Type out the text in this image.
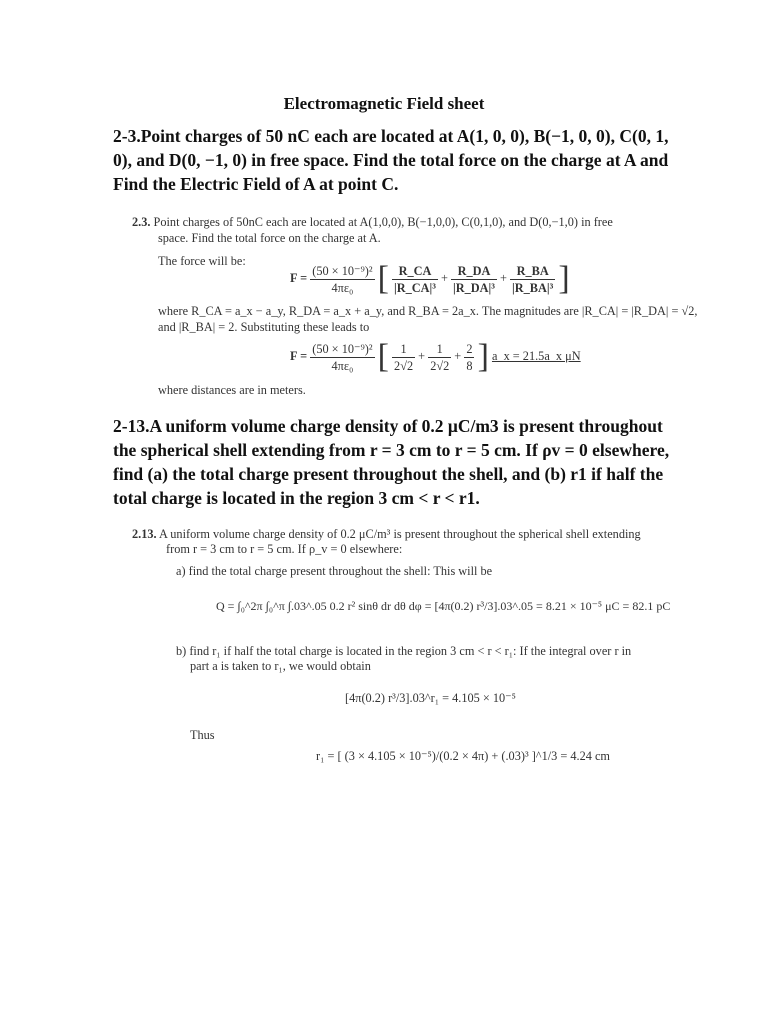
Electromagnetic Field sheet
2-3.Point charges of 50 nC each are located at A(1, 0, 0), B(−1, 0, 0), C(0, 1, 0), and D(0, −1, 0) in free space. Find the total force on the charge at A and Find the Electric Field of A at point C.
2.3. Point charges of 50nC each are located at A(1,0,0), B(−1,0,0), C(0,1,0), and D(0,−1,0) in free
space. Find the total force on the charge at A.
The force will be:
$F = \frac{\text{(50 × 10⁻⁹)²}}{\text{4πε₀}}$ [ $\frac{R\_CA}{\text{|R\_CA|³}} + \frac{R\_DA}{\text{|R\_DA|³}} + \frac{R\_BA}{\text{|R\_BA|³}}$ ]
where R_CA = a_x − a_y, R_DA = a_x + a_y, and R_BA = 2a_x. The magnitudes are |R_CA| = |R_DA| = √2,
and |R_BA| = 2. Substituting these leads to
$F = \frac{\text{(50 × 10⁻⁹)²}}{\text{4πε₀}}$ [ $\frac{1}{2√2} + \frac{1}{2√2} + \frac{2}{8}$ ] a_x = 21.5a_x μN
where distances are in meters.
2-13.A uniform volume charge density of 0.2 μC/m3 is present throughout the spherical shell extending from r = 3 cm to r = 5 cm. If ρv = 0 elsewhere, find (a) the total charge present throughout the shell, and (b) r1 if half the total charge is located in the region 3 cm < r < r1.
2.13. A uniform volume charge density of 0.2 μC/m³ is present throughout the spherical shell extending
from r = 3 cm to r = 5 cm. If ρ_v = 0 elsewhere:
a) find the total charge present throughout the shell: This will be
Q = ∫₀^2π ∫₀^π ∫.03^.05 0.2 r² sinθ dr dθ dφ = [4π(0.2) r³/3].03^.05 = 8.21 × 10⁻⁵ μC = 82.1 pC
b) find r₁ if half the total charge is located in the region 3 cm < r < r₁: If the integral over r in
part a is taken to r₁, we would obtain
[4π(0.2) r³/3].03^r₁ = 4.105 × 10⁻⁵
Thus
r₁ = [ (3 × 4.105 × 10⁻⁵)/(0.2 × 4π) + (.03)³ ]^1/3 = 4.24 cm
